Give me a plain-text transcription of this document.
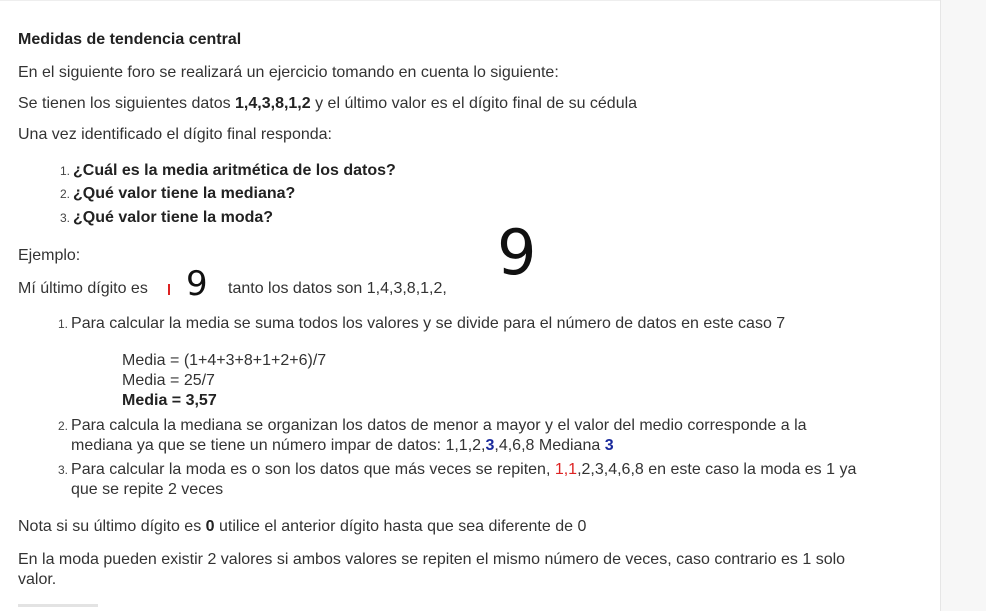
Medidas de tendencia central
En el siguiente foro se realizará un ejercicio tomando en cuenta lo siguiente:
Se tienen los siguientes datos 1,4,3,8,1,2 y el último valor es el dígito final de su cédula
Una vez identificado el dígito final responda:
1. ¿Cuál es la media aritmética de los datos?
2. ¿Qué valor tiene la mediana?
3. ¿Qué valor tiene la moda?
Ejemplo:	9
Mí último dígito es 9 tanto los datos son 1,4,3,8,1,2,
1. Para calcular la media se suma todos los valores y se divide para el número de datos en este caso 7
Media = (1+4+3+8+1+2+6)/7
Media = 25/7
Media = 3,57
2. Para calcula la mediana se organizan los datos de menor a mayor y el valor del medio corresponde a la
mediana ya que se tiene un número impar de datos: 1,1,2,3,4,6,8 Mediana 3
3. Para calcular la moda es o son los datos que más veces se repiten, 1,1,2,3,4,6,8 en este caso la moda es 1 ya
que se repite 2 veces
Nota si su último dígito es 0 utilice el anterior dígito hasta que sea diferente de 0
En la moda pueden existir 2 valores si ambos valores se repiten el mismo número de veces, caso contrario es 1 solo
valor.
